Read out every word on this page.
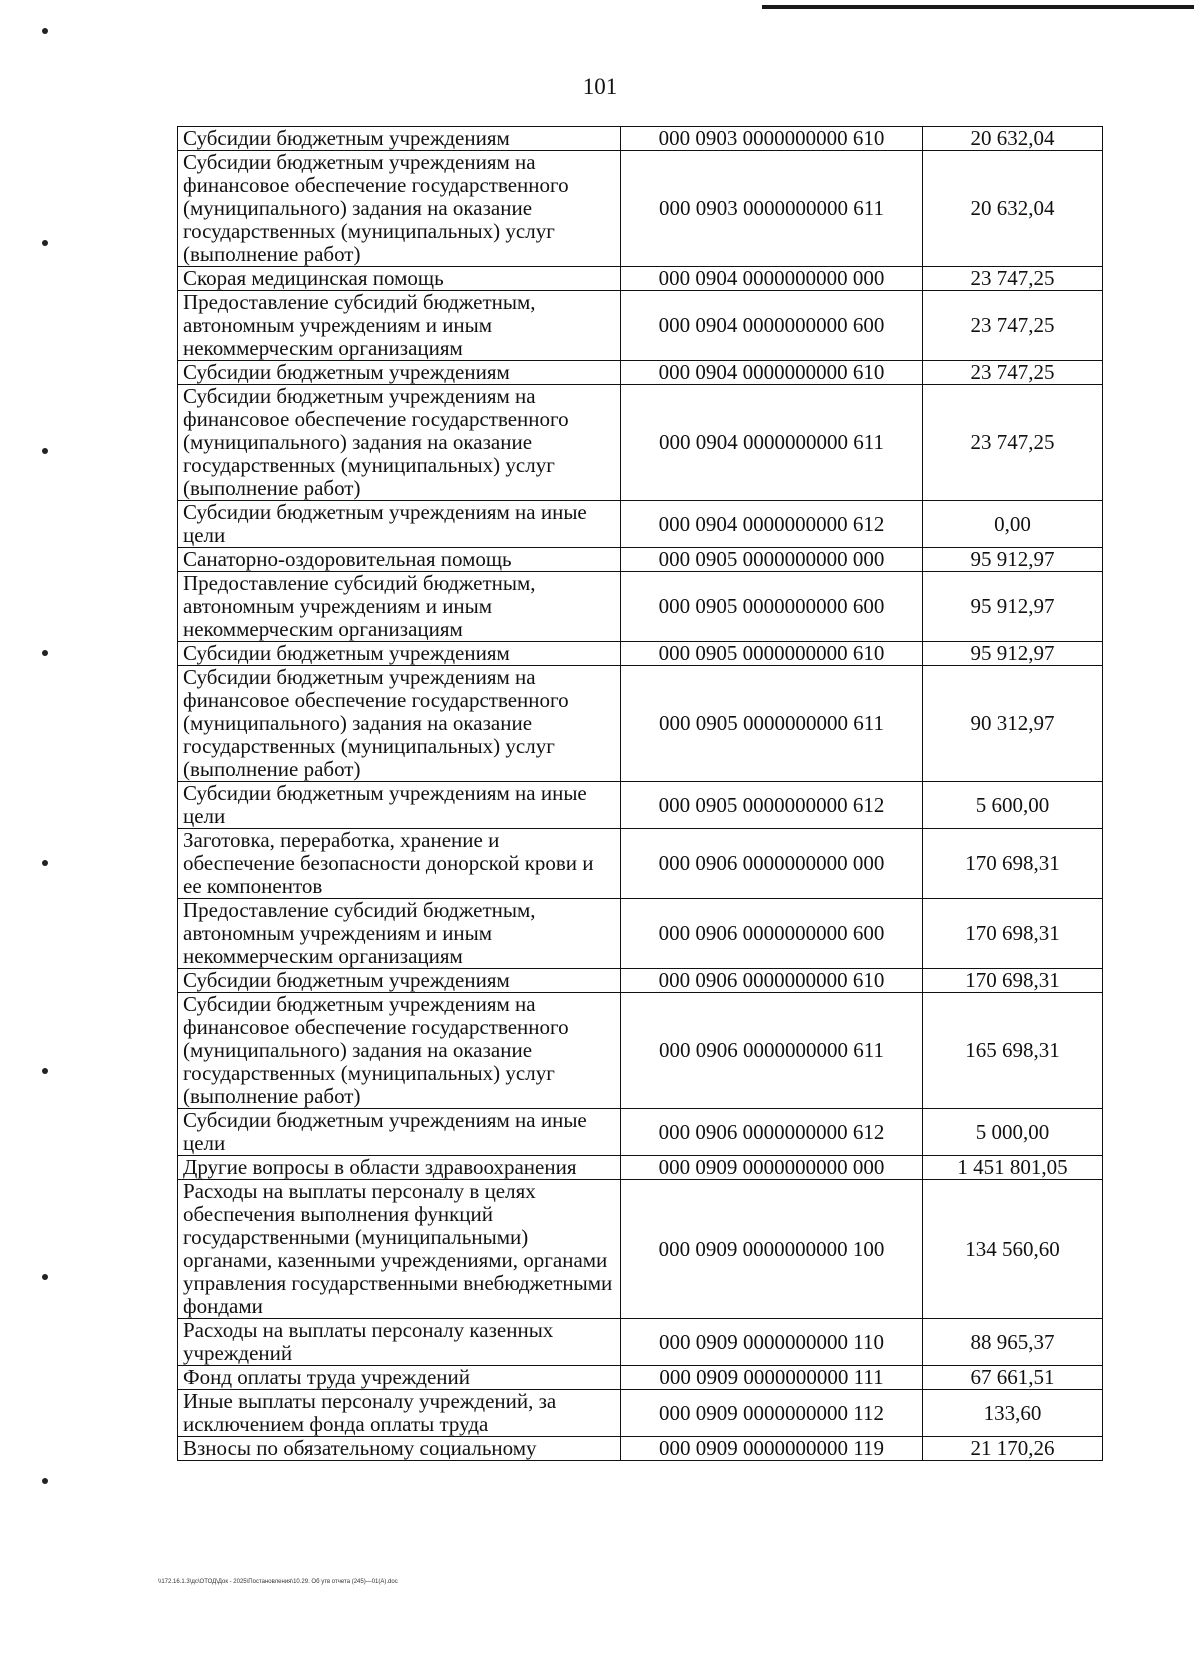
101
Субсидии бюджетным учреждениям	000 0903 0000000000 610	20 632,04
Субсидии бюджетным учреждениям на финансовое обеспечение государственного (муниципального) задания на оказание государственных (муниципальных) услуг (выполнение работ)	000 0903 0000000000 611	20 632,04
Скорая медицинская помощь	000 0904 0000000000 000	23 747,25
Предоставление субсидий бюджетным, автономным учреждениям и иным некоммерческим организациям	000 0904 0000000000 600	23 747,25
Субсидии бюджетным учреждениям	000 0904 0000000000 610	23 747,25
Субсидии бюджетным учреждениям на финансовое обеспечение государственного (муниципального) задания на оказание государственных (муниципальных) услуг (выполнение работ)	000 0904 0000000000 611	23 747,25
Субсидии бюджетным учреждениям на иные цели	000 0904 0000000000 612	0,00
Санаторно-оздоровительная помощь	000 0905 0000000000 000	95 912,97
Предоставление субсидий бюджетным, автономным учреждениям и иным некоммерческим организациям	000 0905 0000000000 600	95 912,97
Субсидии бюджетным учреждениям	000 0905 0000000000 610	95 912,97
Субсидии бюджетным учреждениям на финансовое обеспечение государственного (муниципального) задания на оказание государственных (муниципальных) услуг (выполнение работ)	000 0905 0000000000 611	90 312,97
Субсидии бюджетным учреждениям на иные цели	000 0905 0000000000 612	5 600,00
Заготовка, переработка, хранение и обеспечение безопасности донорской крови и ее компонентов	000 0906 0000000000 000	170 698,31
Предоставление субсидий бюджетным, автономным учреждениям и иным некоммерческим организациям	000 0906 0000000000 600	170 698,31
Субсидии бюджетным учреждениям	000 0906 0000000000 610	170 698,31
Субсидии бюджетным учреждениям на финансовое обеспечение государственного (муниципального) задания на оказание государственных (муниципальных) услуг (выполнение работ)	000 0906 0000000000 611	165 698,31
Субсидии бюджетным учреждениям на иные цели	000 0906 0000000000 612	5 000,00
Другие вопросы в области здравоохранения	000 0909 0000000000 000	1 451 801,05
Расходы на выплаты персоналу в целях обеспечения выполнения функций государственными (муниципальными) органами, казенными учреждениями, органами управления государственными внебюджетными фондами	000 0909 0000000000 100	134 560,60
Расходы на выплаты персоналу казенных учреждений	000 0909 0000000000 110	88 965,37
Фонд оплаты труда учреждений	000 0909 0000000000 111	67 661,51
Иные выплаты персоналу учреждений, за исключением фонда оплаты труда	000 0909 0000000000 112	133,60
Взносы по обязательному социальному	000 0909 0000000000 119	21 170,26
\\172.16.1.3\дс\ОТОД\Док - 2025\Постановления\10.29. Об утв отчета (245)—01(А).doc
